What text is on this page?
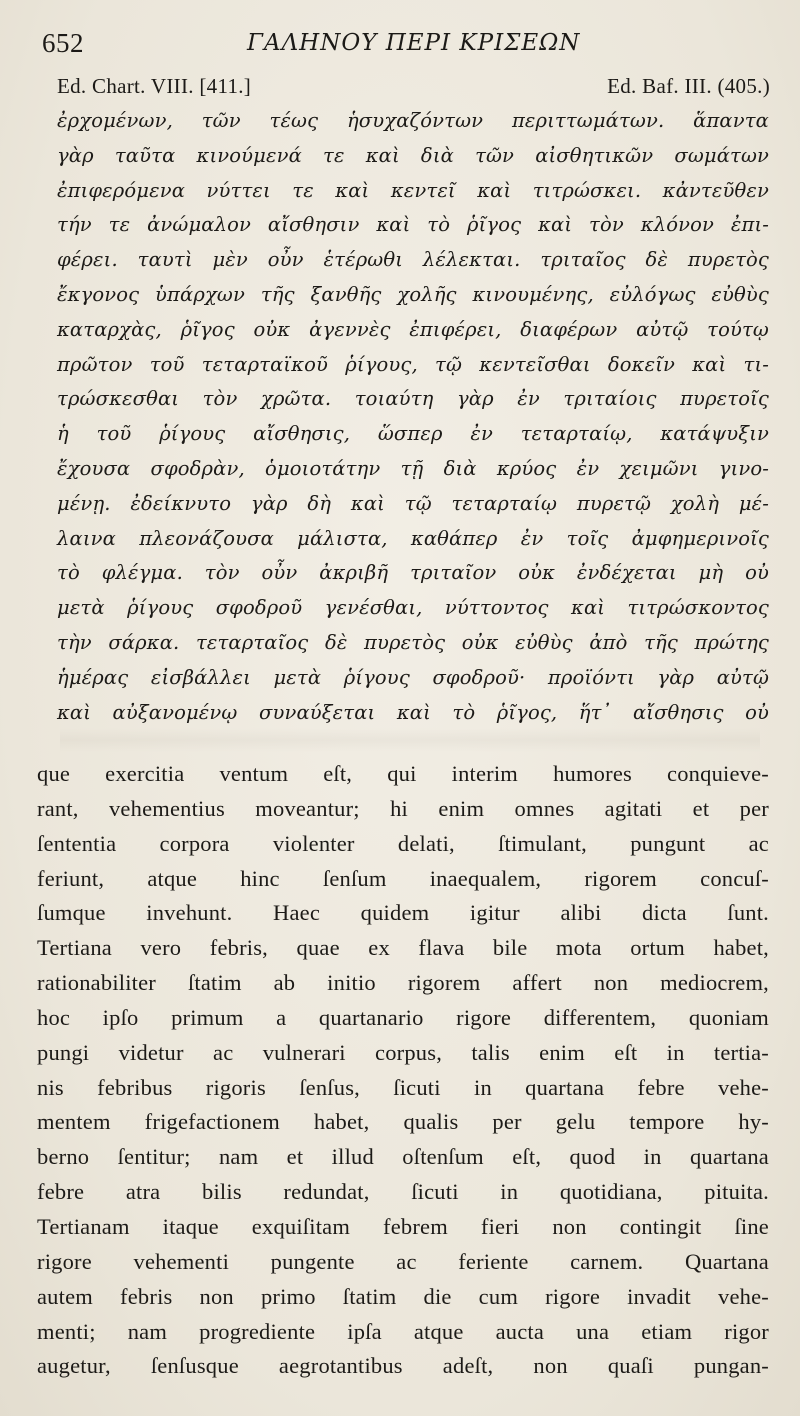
652	ΓΑΛΗΝΟΥ ΠΕΡΙ ΚΡΙΣΕΩΝ
Ed. Chart. VIII. [411.]	Ed. Baf. III. (405.)
ἐρχομένων, τῶν τέως ἡσυχαζόντων περιττωμάτων. ἅπαντα
γὰρ ταῦτα κινούμενά τε καὶ διὰ τῶν αἰσθητικῶν σωμάτων
ἐπιφερόμενα νύττει τε καὶ κεντεῖ καὶ τιτρώσκει. κἀντεῦθεν
τήν τε ἀνώμαλον αἴσθησιν καὶ τὸ ῥῖγος καὶ τὸν κλόνον ἐπι-
φέρει. ταυτὶ μὲν οὖν ἑτέρωθι λέλεκται. τριταῖος δὲ πυρετὸς
ἔκγονος ὑπάρχων τῆς ξανθῆς χολῆς κινουμένης, εὐλόγως εὐθὺς
καταρχὰς, ῥῖγος οὐκ ἀγεννὲς ἐπιφέρει, διαφέρων αὐτῷ τούτῳ
πρῶτον τοῦ τεταρταϊκοῦ ῥίγους, τῷ κεντεῖσθαι δοκεῖν καὶ τι-
τρώσκεσθαι τὸν χρῶτα. τοιαύτη γὰρ ἐν τριταίοις πυρετοῖς
ἡ τοῦ ῥίγους αἴσθησις, ὥσπερ ἐν τεταρταίῳ, κατάψυξιν
ἔχουσα σφοδρὰν, ὁμοιοτάτην τῇ διὰ κρύος ἐν χειμῶνι γινο-
μένῃ. ἐδείκνυτο γὰρ δὴ καὶ τῷ τεταρταίῳ πυρετῷ χολὴ μέ-
λαινα πλεονάζουσα μάλιστα, καθάπερ ἐν τοῖς ἀμφημερινοῖς
τὸ φλέγμα. τὸν οὖν ἀκριβῆ τριταῖον οὐκ ἐνδέχεται μὴ οὐ
μετὰ ῥίγους σφοδροῦ γενέσθαι, νύττοντος καὶ τιτρώσκοντος
τὴν σάρκα. τεταρταῖος δὲ πυρετὸς οὐκ εὐθὺς ἀπὸ τῆς πρώτης
ἡμέρας εἰσβάλλει μετὰ ῥίγους σφοδροῦ· προϊόντι γὰρ αὐτῷ
καὶ αὐξανομένῳ συναύξεται καὶ τὸ ῥῖγος, ἥτ᾽ αἴσθησις οὐ
que exercitia ventum eſt, qui interim humores conquieve-
rant, vehementius moveantur; hi enim omnes agitati et per
ſententia corpora violenter delati, ſtimulant, pungunt ac
feriunt, atque hinc ſenſum inaequalem, rigorem concuſ-
ſumque invehunt. Haec quidem igitur alibi dicta ſunt.
Tertiana vero febris, quae ex flava bile mota ortum habet,
rationabiliter ſtatim ab initio rigorem affert non mediocrem,
hoc ipſo primum a quartanario rigore differentem, quoniam
pungi videtur ac vulnerari corpus, talis enim eſt in tertia-
nis febribus rigoris ſenſus, ſicuti in quartana febre vehe-
mentem frigefactionem habet, qualis per gelu tempore hy-
berno ſentitur; nam et illud oſtenſum eſt, quod in quartana
febre atra bilis redundat, ſicuti in quotidiana, pituita.
Tertianam itaque exquiſitam febrem fieri non contingit ſine
rigore vehementi pungente ac feriente carnem. Quartana
autem febris non primo ſtatim die cum rigore invadit vehe-
menti; nam progrediente ipſa atque aucta una etiam rigor
augetur, ſenſusque aegrotantibus adeſt, non quaſi pungan-
